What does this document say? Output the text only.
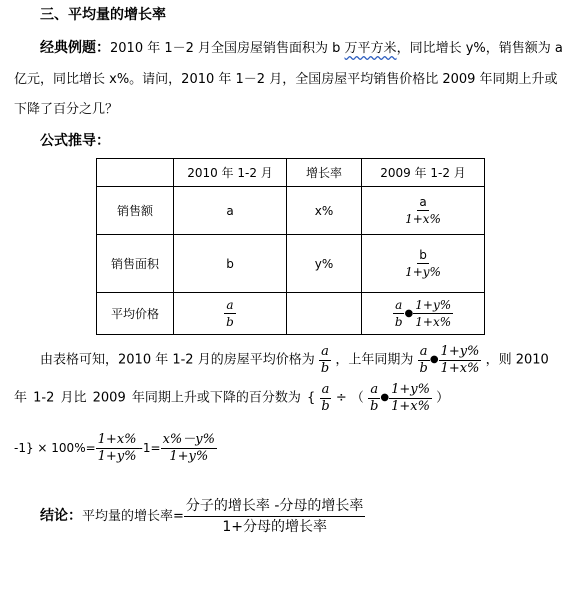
三、平均量的增长率
经典例题：2010 年 1－2 月全国房屋销售面积为 b 万平方米，同比增长 y%，销售额为 a
亿元，同比增长 x%。请问，2010 年 1－2 月，全国房屋平均销售价格比 2009 年同期上升或
下降了百分之几？
公式推导：
	2010 年 1-2 月	增长率	2009 年 1-2 月
销售额	a	x%	$\frac{a}{1+x\%}$

销售面积	b	y%	$\frac{b}{1+y\%}$

平均价格	$\frac{a}{b}$		$\frac{a}{b}$ ● $\frac{1+y\%}{1+x\%}$
由表格可知，2010 年 1-2 月的房屋平均价格为 $\frac{a}{b}$ ，上年同期为 $\frac{a}{b}$ ● $\frac{1+y\%}{1+x\%}$ ，则 2010
年 1-2 月比 2009 年同期上升或下降的百分数为 { $\frac{a}{b}$ ÷ （ $\frac{a}{b}$ ● $\frac{1+y\%}{1+x\%}$ ）
$-1\} \times 100\%= \frac{1+x\%}{1+y\%} -1= \frac{x\%-y\%}{1+y\%}$
结论：平均量的增长率= $\frac{\text{分子的增长率 -分母的增长率}}{\text{1+分母的增长率}}$
